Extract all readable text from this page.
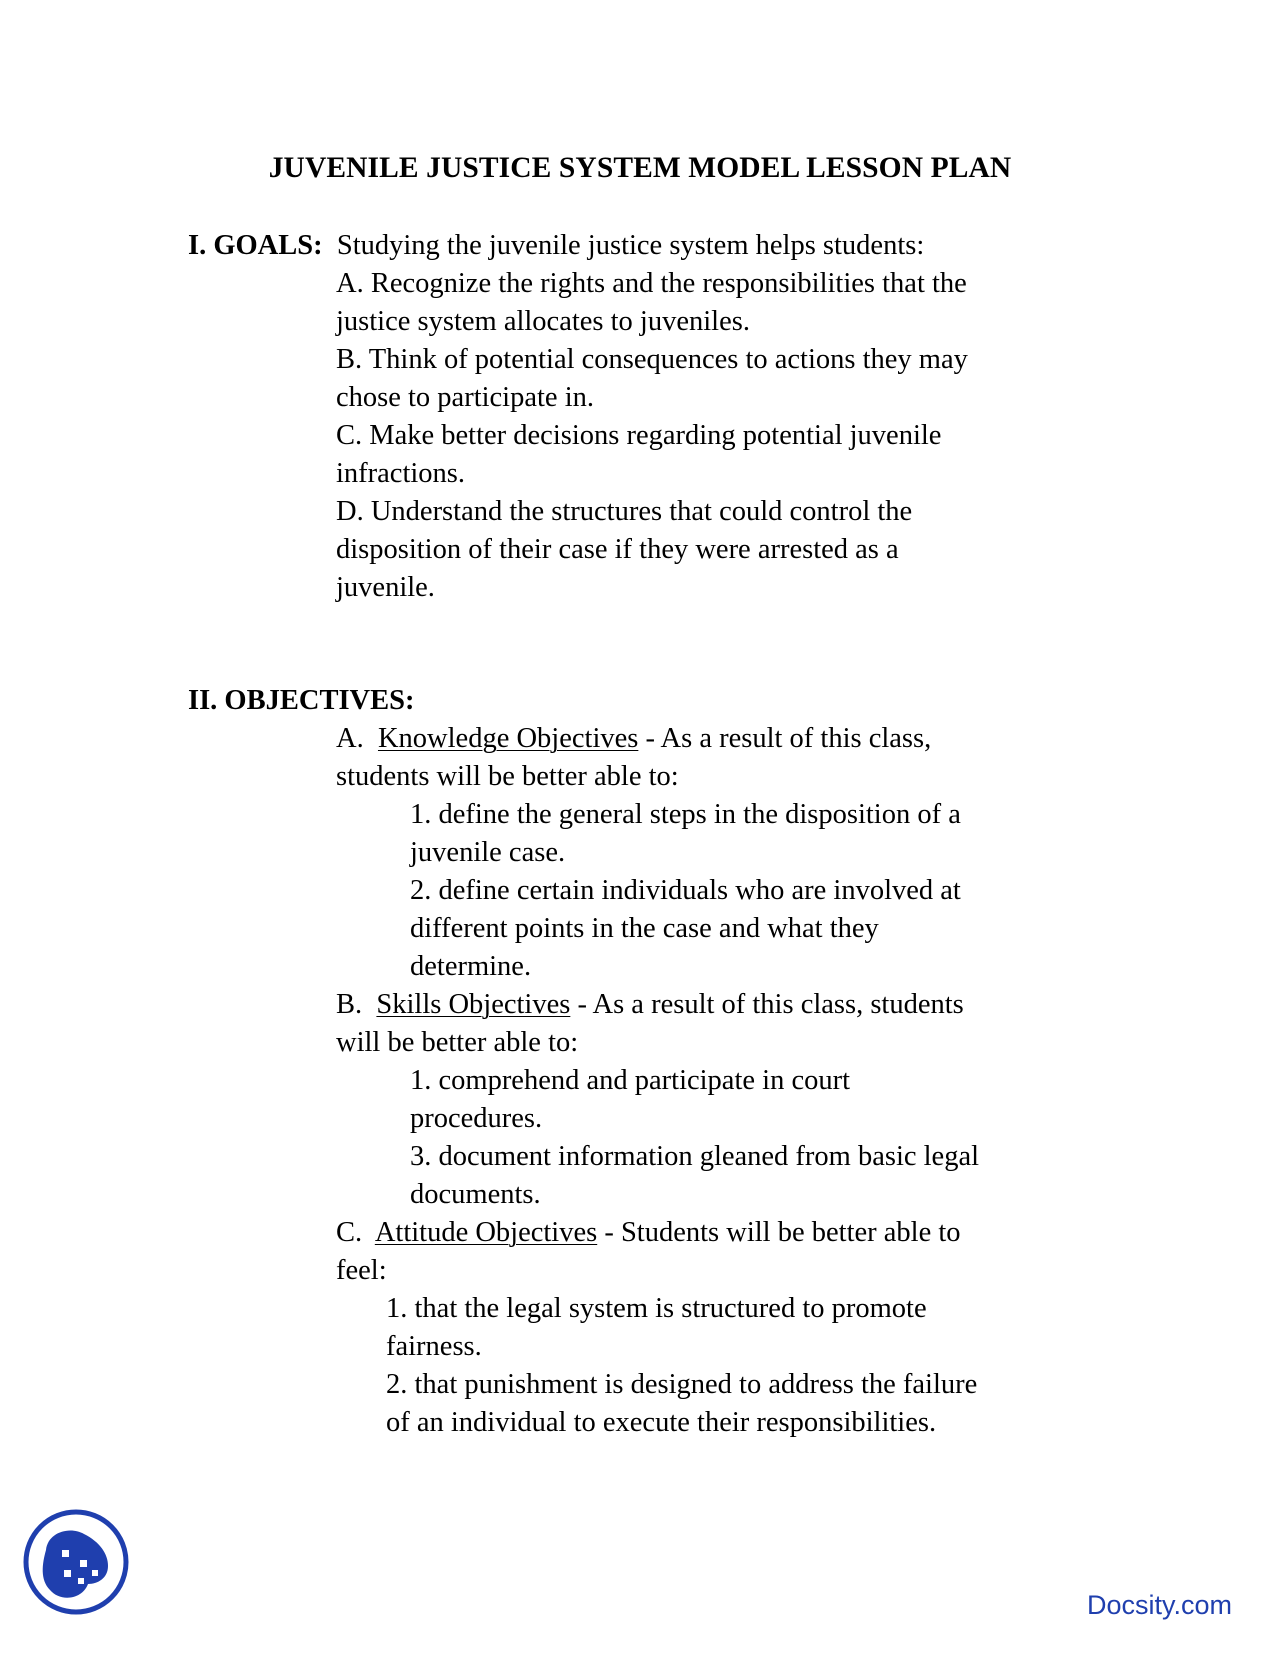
JUVENILE JUSTICE SYSTEM MODEL LESSON PLAN
I. GOALS: Studying the juvenile justice system helps students:
A. Recognize the rights and the responsibilities that the
justice system allocates to juveniles.
B. Think of potential consequences to actions they may
chose to participate in.
C. Make better decisions regarding potential juvenile
infractions.
D. Understand the structures that could control the
disposition of their case if they were arrested as a
juvenile.
II. OBJECTIVES:
A.  Knowledge Objectives - As a result of this class,
students will be better able to:
1. define the general steps in the disposition of a
juvenile case.
2. define certain individuals who are involved at
different points in the case and what they
determine.
B.  Skills Objectives - As a result of this class, students
will be better able to:
1. comprehend and participate in court
procedures.
3. document information gleaned from basic legal
documents.
C.  Attitude Objectives - Students will be better able to
feel:
1. that the legal system is structured to promote
fairness.
2. that punishment is designed to address the failure
of an individual to execute their responsibilities.
Docsity.com
